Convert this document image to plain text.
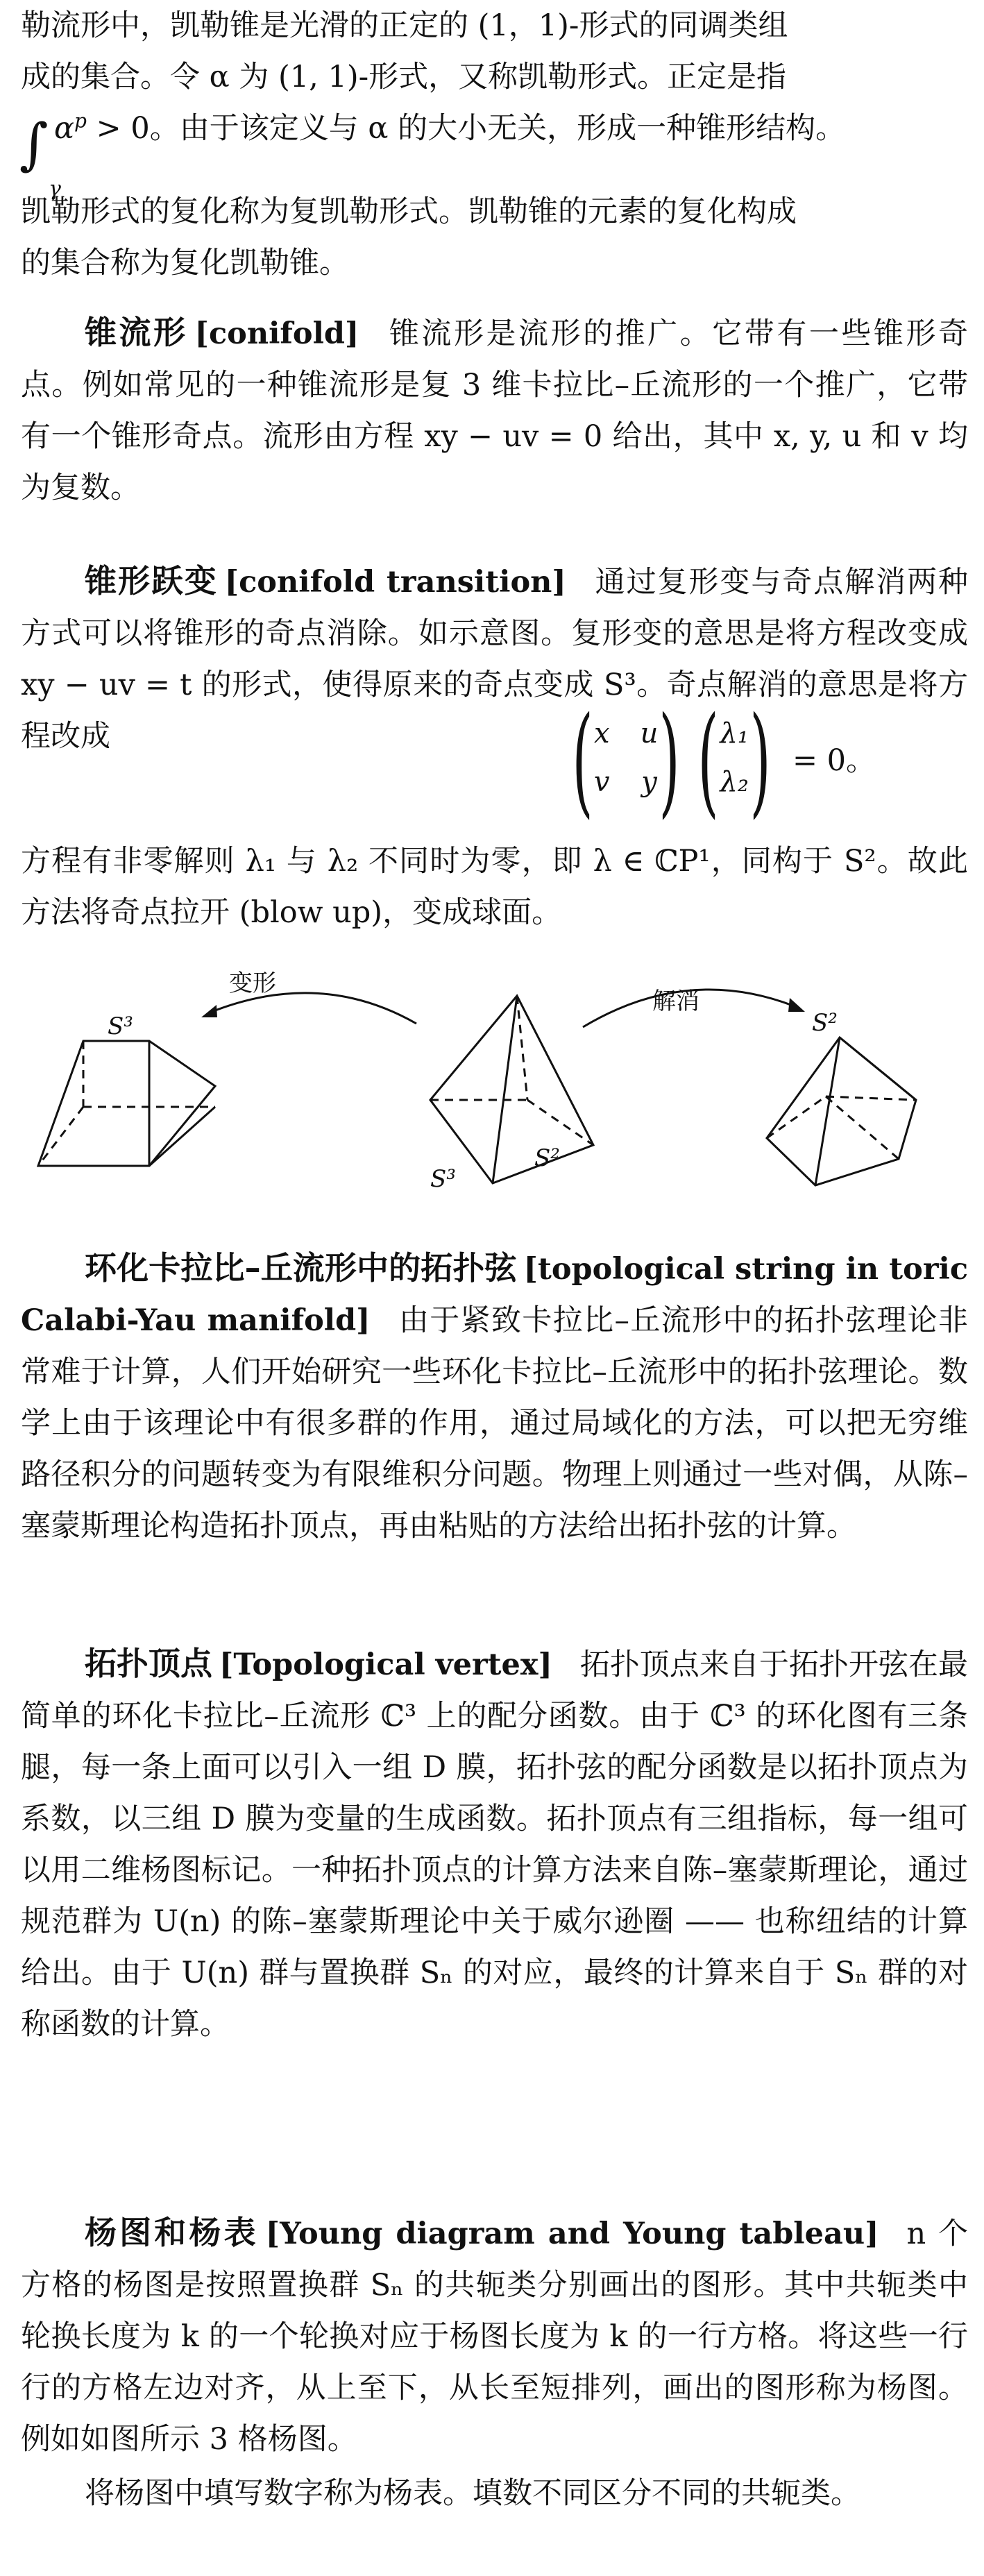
勒流形中，凯勒锥是光滑的正定的 (1，1)-形式的同调类组

成的集合。令 α 为 (1, 1)-形式，又称凯勒形式。正定是指

∫
γ

$\alpha^p > 0$。由于该定义与 α 的大小无关，形成一种锥形结构。

凯勒形式的复化称为复凯勒形式。凯勒锥的元素的复化构成

的集合称为复化凯勒锥。

锥流形 [conifold] 锥流形是流形的推广。它带有一些锥形奇点。例如常见的一种锥流形是复 3 维卡拉比–丘流形的一个推广，它带有一个锥形奇点。流形由方程 xy − uv = 0 给出，其中 x, y, u 和 v 均为复数。

锥形跃变 [conifold transition] 通过复形变与奇点解消两种方式可以将锥形的奇点消除。如示意图。复形变的意思是将方程改变成 xy − uv = t 的形式，使得原来的奇点变成 S³。奇点解消的意思是将方程改成	( x	u
v	y )
( λ₁
λ₂ ) = 0。

方程有非零解则 λ₁ 与 λ₂ 不同时为零，即 λ ∈ ℂP¹，同构于 S²。故此方法将奇点拉开 (blow up)，变成球面。

变形
解消
S³
S³
S²
S²

环化卡拉比–丘流形中的拓扑弦 [topological string in toric Calabi-Yau manifold] 由于紧致卡拉比–丘流形中的拓扑弦理论非常难于计算，人们开始研究一些环化卡拉比–丘流形中的拓扑弦理论。数学上由于该理论中有很多群的作用，通过局域化的方法，可以把无穷维路径积分的问题转变为有限维积分问题。物理上则通过一些对偶，从陈–塞蒙斯理论构造拓扑顶点，再由粘贴的方法给出拓扑弦的计算。

拓扑顶点 [Topological vertex] 拓扑顶点来自于拓扑开弦在最简单的环化卡拉比–丘流形 ℂ³ 上的配分函数。由于 ℂ³ 的环化图有三条腿，每一条上面可以引入一组 D 膜，拓扑弦的配分函数是以拓扑顶点为系数，以三组 D 膜为变量的生成函数。拓扑顶点有三组指标，每一组可以用二维杨图标记。一种拓扑顶点的计算方法来自陈–塞蒙斯理论，通过规范群为 U(n) 的陈–塞蒙斯理论中关于威尔逊圈 —— 也称纽结的计算给出。由于 U(n) 群与置换群 Sₙ 的对应，最终的计算来自于 Sₙ 群的对称函数的计算。

杨图和杨表 [Young diagram and Young tableau] n 个方格的杨图是按照置换群 Sₙ 的共轭类分别画出的图形。其中共轭类中轮换长度为 k 的一个轮换对应于杨图长度为 k 的一行方格。将这些一行行的方格左边对齐，从上至下，从长至短排列，画出的图形称为杨图。例如如图所示 3 格杨图。

将杨图中填写数字称为杨表。填数不同区分不同的共轭类。
